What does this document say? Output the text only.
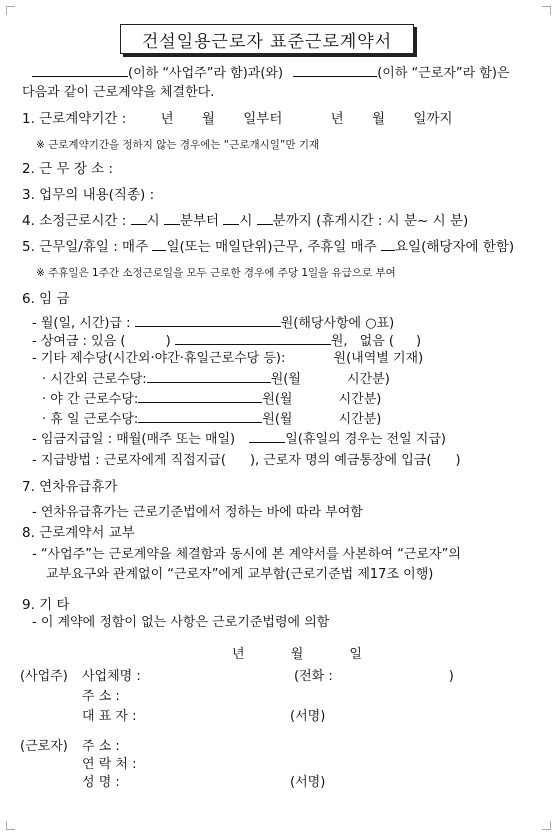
건설일용근로자 표준근로계약서
(이하 “사업주”라 함)과(와)	(이하 “근로자”라 함)은
다음과 같이 근로계약을 체결한다.
1. 근로계약기간 :	년 월 일부터	년 월 일까지
※ 근로계약기간을 정하지 않는 경우에는 “근로개시일”만 기재
2. 근 무 장 소 :
3. 업무의 내용(직종) :
4. 소정근로시간 : 시 분부터 시 분까지 (휴게시간 : 시 분~ 시 분)
5. 근무일/휴일 : 매주 일(또는 매일단위)근무, 주휴일 매주 요일(해당자에 한함)
※ 주휴일은 1주간 소정근로일을 모두 근로한 경우에 주당 1일을 유급으로 부여
6. 임 금
- 월(일, 시간)급 :	원(해당사항에 ○표)
- 상여금 : 있음 (	)	원, 없음 ( )
- 기타 제수당(시간외·야간·휴일근로수당 등):	원(내역별 기재)
· 시간외 근로수당:	원(월	시간분)
· 야 간 근로수당:	원(월	시간분)
· 휴 일 근로수당:	원(월	시간분)
- 임금지급일 : 매월(매주 또는 매일)	일(휴일의 경우는 전일 지급)
- 지급방법 : 근로자에게 직접지급( ), 근로자 명의 예금통장에 입금( )
7. 연차유급휴가
- 연차유급휴가는 근로기준법에서 정하는 바에 따라 부여함
8. 근로계약서 교부
- “사업주”는 근로계약을 체결함과 동시에 본 계약서를 사본하여 “근로자”의
교부요구와 관계없이 “근로자”에게 교부함(근로기준법 제17조 이행)
9. 기 타
- 이 계약에 정함이 없는 사항은 근로기준법령에 의함
년	월	일
(사업주) 사업체명 :	(전화 :	)
주 소 :
대 표 자 :	(서명)
(근로자) 주 소 :
연 락 처 :
성 명 :	(서명)
